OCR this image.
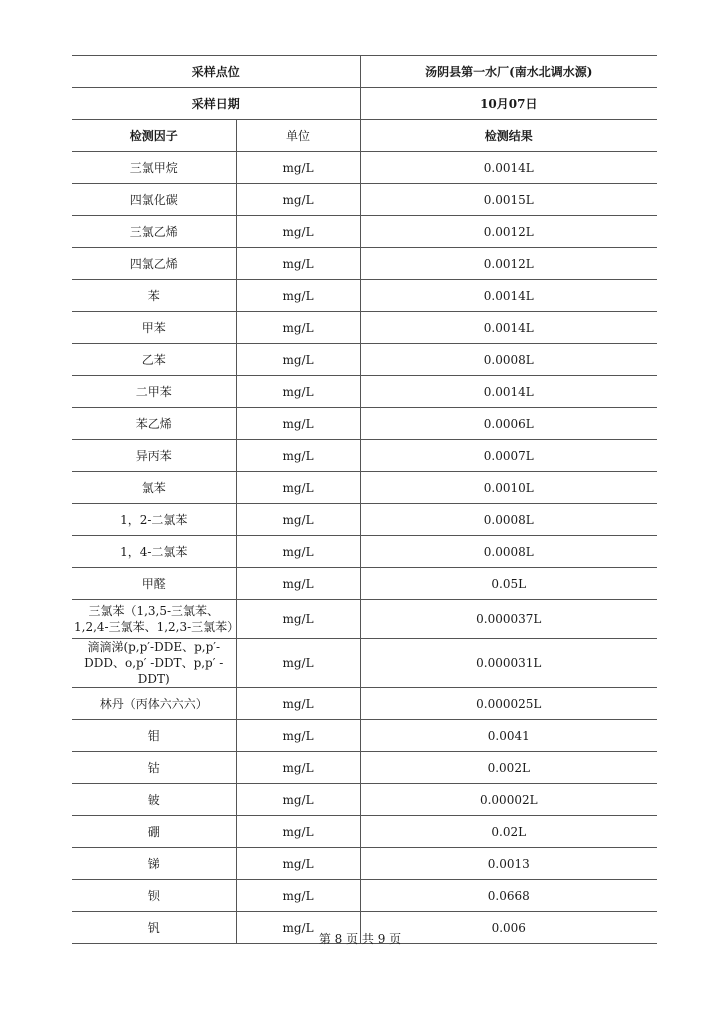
采样点位		汤阴县第一水厂(南水北调水源)
采样日期		10月07日
检测因子	单位	检测结果
三氯甲烷	mg/L	0.0014L
四氯化碳	mg/L	0.0015L
三氯乙烯	mg/L	0.0012L
四氯乙烯	mg/L	0.0012L
苯	mg/L	0.0014L
甲苯	mg/L	0.0014L
乙苯	mg/L	0.0008L
二甲苯	mg/L	0.0014L
苯乙烯	mg/L	0.0006L
异丙苯	mg/L	0.0007L
氯苯	mg/L	0.0010L
1，2-二氯苯	mg/L	0.0008L
1，4-二氯苯	mg/L	0.0008L
甲醛	mg/L	0.05L
三氯苯（1,3,5-三氯苯、1,2,4-三氯苯、1,2,3-三氯苯）	mg/L	0.000037L
滴滴涕(p,p′-DDE、p,p′-DDD、o,p′ -DDT、p,p′ -DDT)	mg/L	0.000031L
林丹（丙体六六六）	mg/L	0.000025L
钼	mg/L	0.0041
钴	mg/L	0.002L
铍	mg/L	0.00002L
硼	mg/L	0.02L
锑	mg/L	0.0013
钡	mg/L	0.0668
钒	mg/L	0.006
第 8 页 共 9 页
